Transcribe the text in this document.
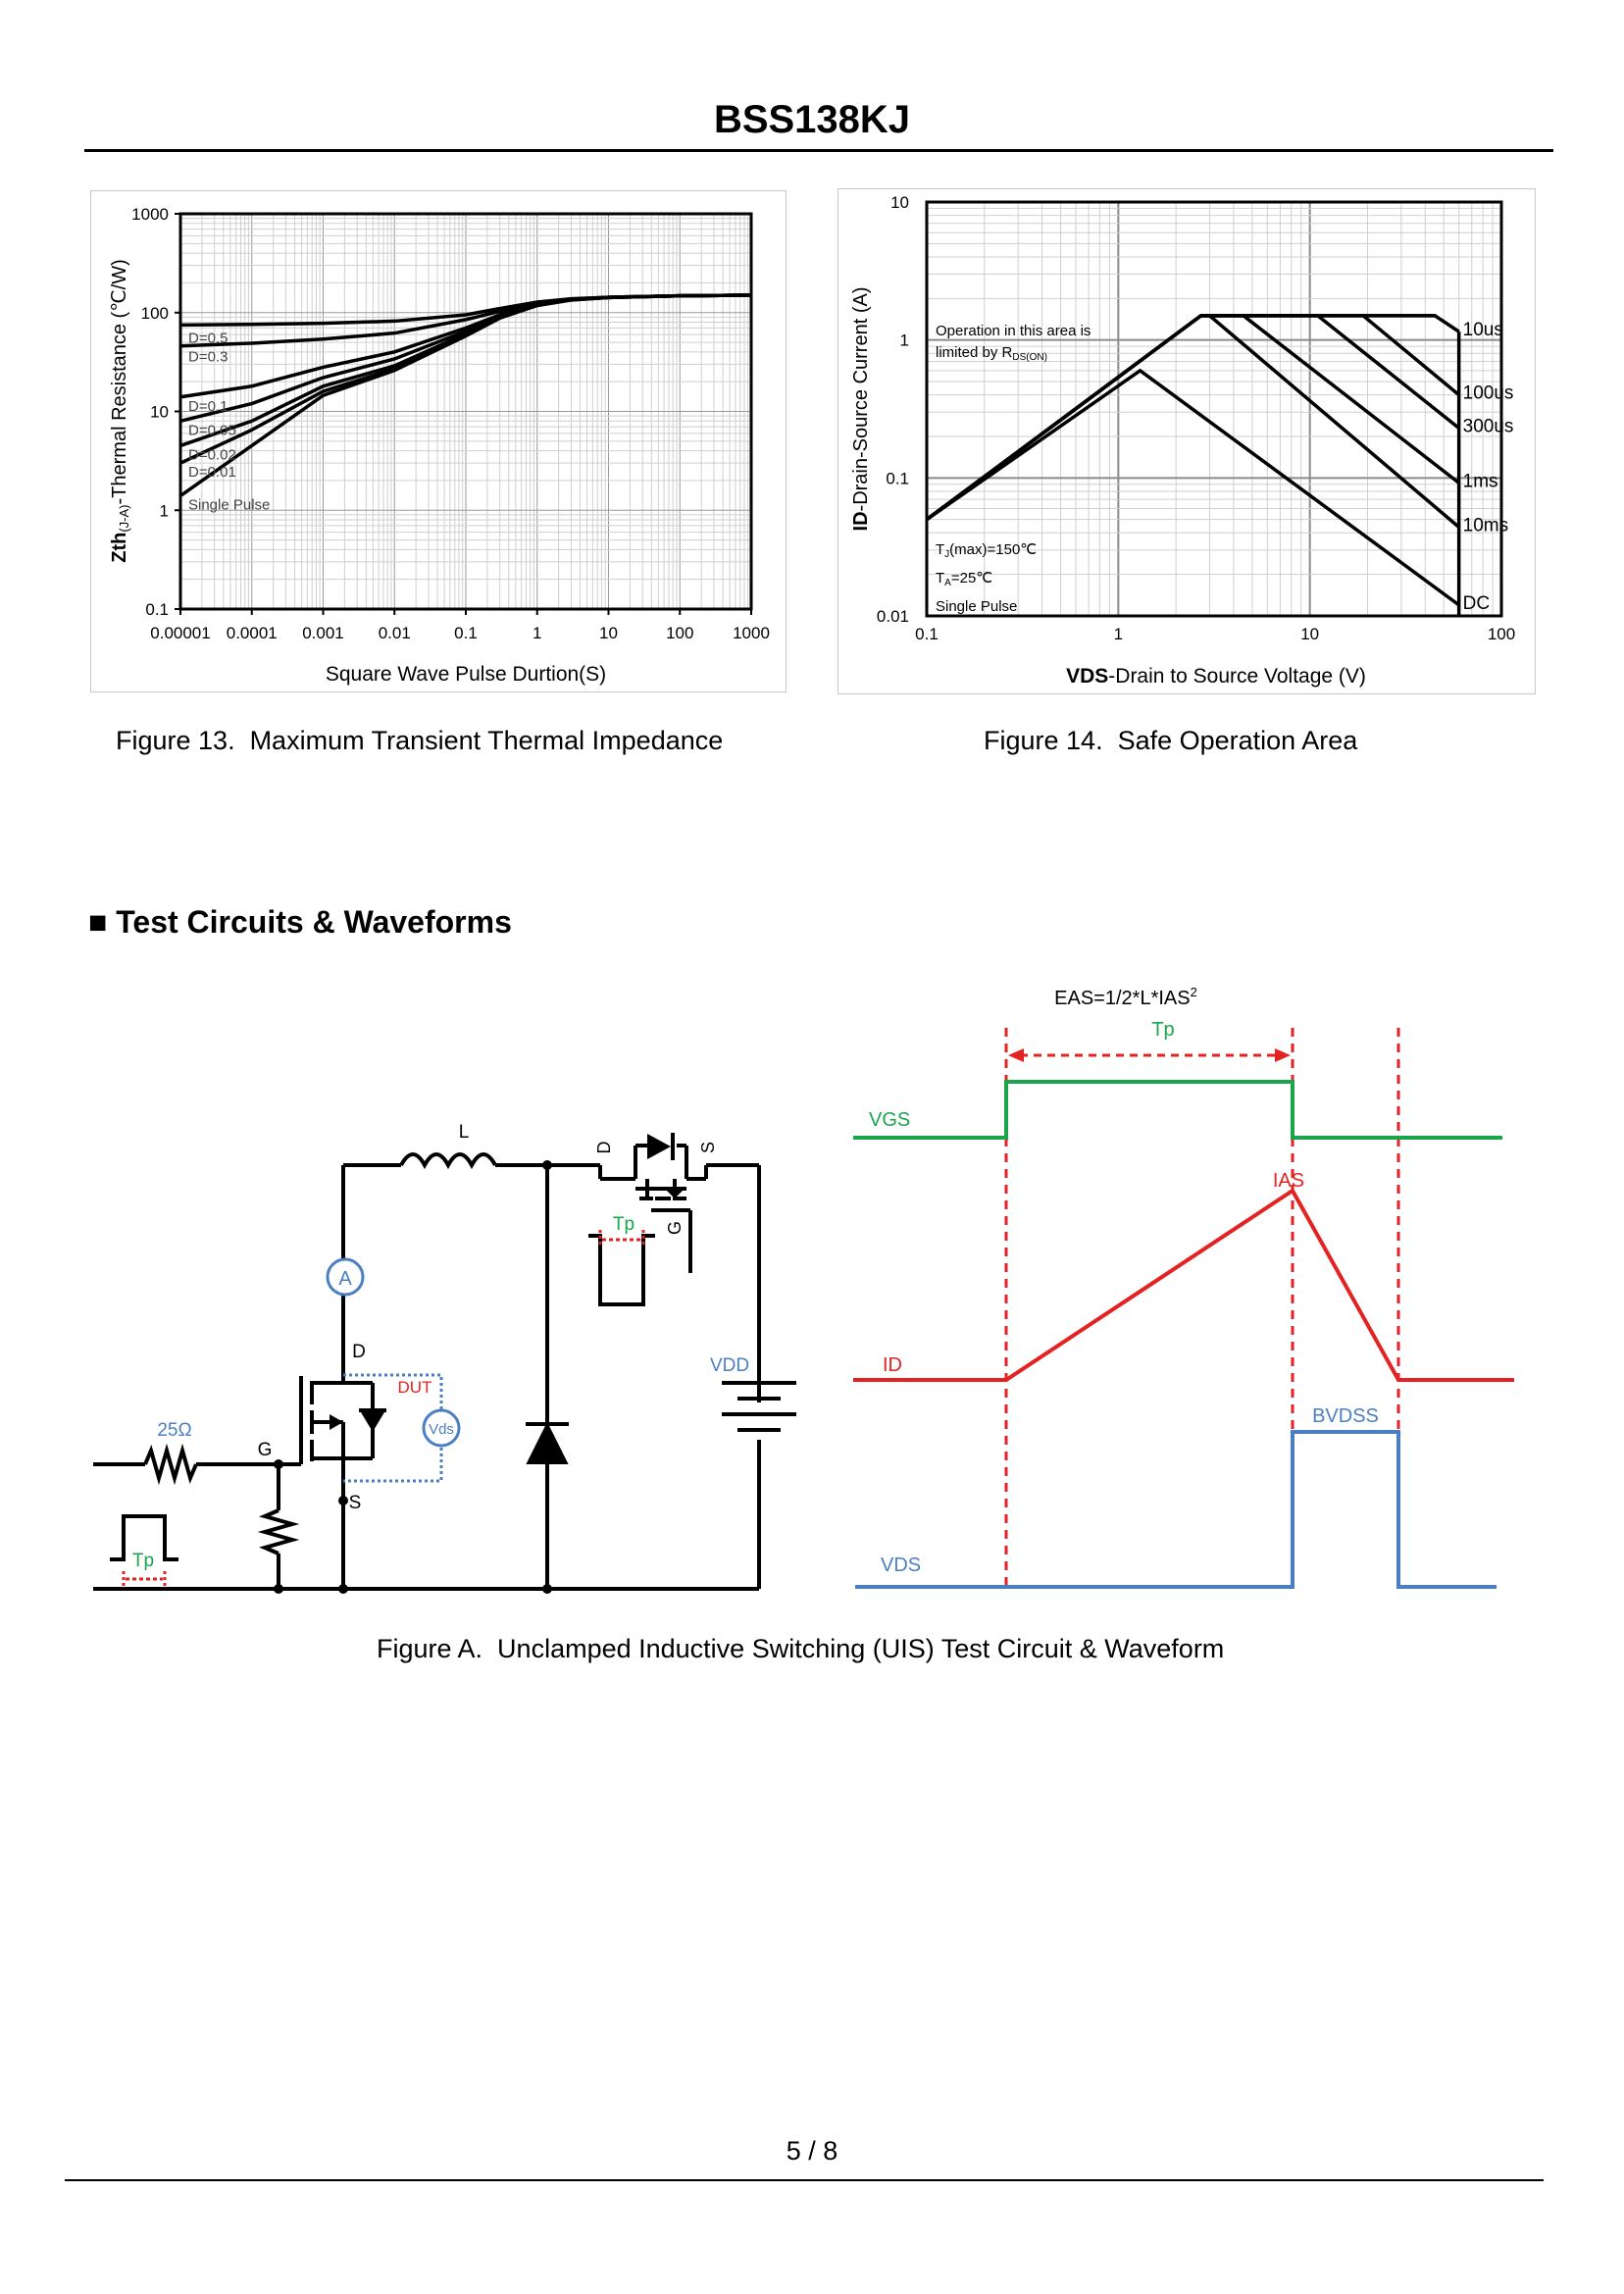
BSS138KJ
D=0.5
D=0.3
D=0.1
D=0.05
D=0.02
D=0.01
Single Pulse
0.00001 0.0001 0.001 0.01	0.1	1	10	100 1000
0.1
1
10
100
1000
Square Wave Pulse Durtion(S)
Zth(J-A)-Thermal Resistance (℃/W)
Figure 13.  Maximum Transient Thermal Impedance
10us
100us
300us
1ms
10ms
DC
0.1	1	10	100
0.01
0.1
1
10
Operation in this area is
limited by $R_{DS(ON)}$
$T_J(\max)=150℃$
$T_A=25℃$
Single Pulse
VDS-Drain to Source Voltage (V)
ID-Drain-Source Current (A)
Figure 14.  Safe Operation Area
■ Test Circuits & Waveforms
A
Vds
L
25Ω
G
D
S
DUT
VDD
Tp
Tp
D	S
G
$EAS=1/2*L*IAS^2$
Tp
VGS
IAS
ID
BVDSS
VDS
Figure A.  Unclamped Inductive Switching (UIS) Test Circuit & Waveform
5 / 8
